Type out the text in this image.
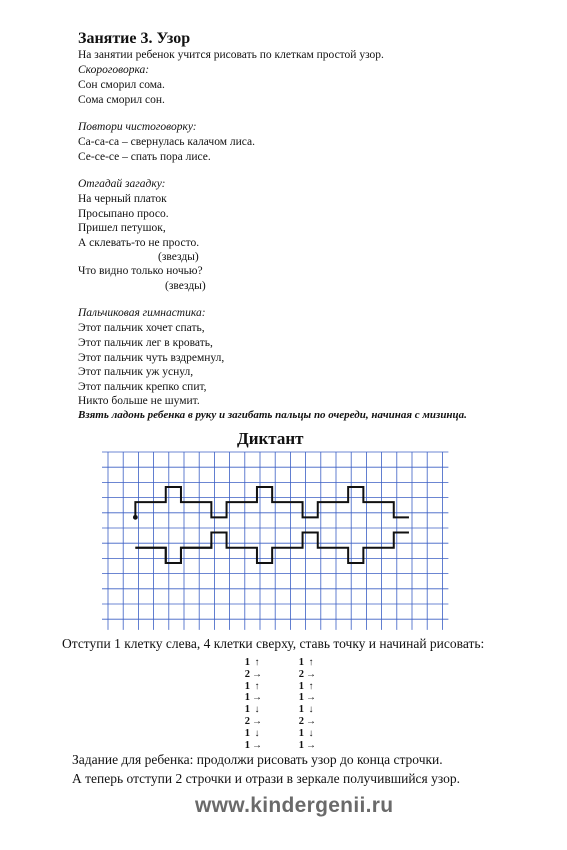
Занятие 3. Узор
На занятии ребенок учится рисовать по клеткам простой узор.
Скороговорка:
Сон сморил сома.
Сома сморил сон.
Повтори чистоговорку:
Са-са-са – свернулась калачом лиса.
Се-се-се – спать пора лисе.
Отгадай загадку:
На черный платок
Просыпано просо.
Пришел петушок,
А склевать-то не просто.
(звезды)
Что видно только ночью?
(звезды)
Пальчиковая гимнастика:
Этот пальчик хочет спать,
Этот пальчик лег в кровать,
Этот пальчик чуть вздремнул,
Этот пальчик уж уснул,
Этот пальчик крепко спит,
Никто больше не шумит.
Взять ладонь ребенка в руку и загибать пальцы по очереди, начиная с мизинца.
Диктант
Отступи 1 клетку слева, 4 клетки сверху, ставь точку и начинай рисовать:
1 ↑
2 →
1 ↑
1 →
1 ↓
2 →
1 ↓
1 →
1 ↑
2 →
1 ↑
1 →
1 ↓
2 →
1 ↓
1 →
Задание для ребенка: продолжи рисовать узор до конца строчки.
А теперь отступи 2 строчки и отрази в зеркале получившийся узор.
www.kindergenii.ru
